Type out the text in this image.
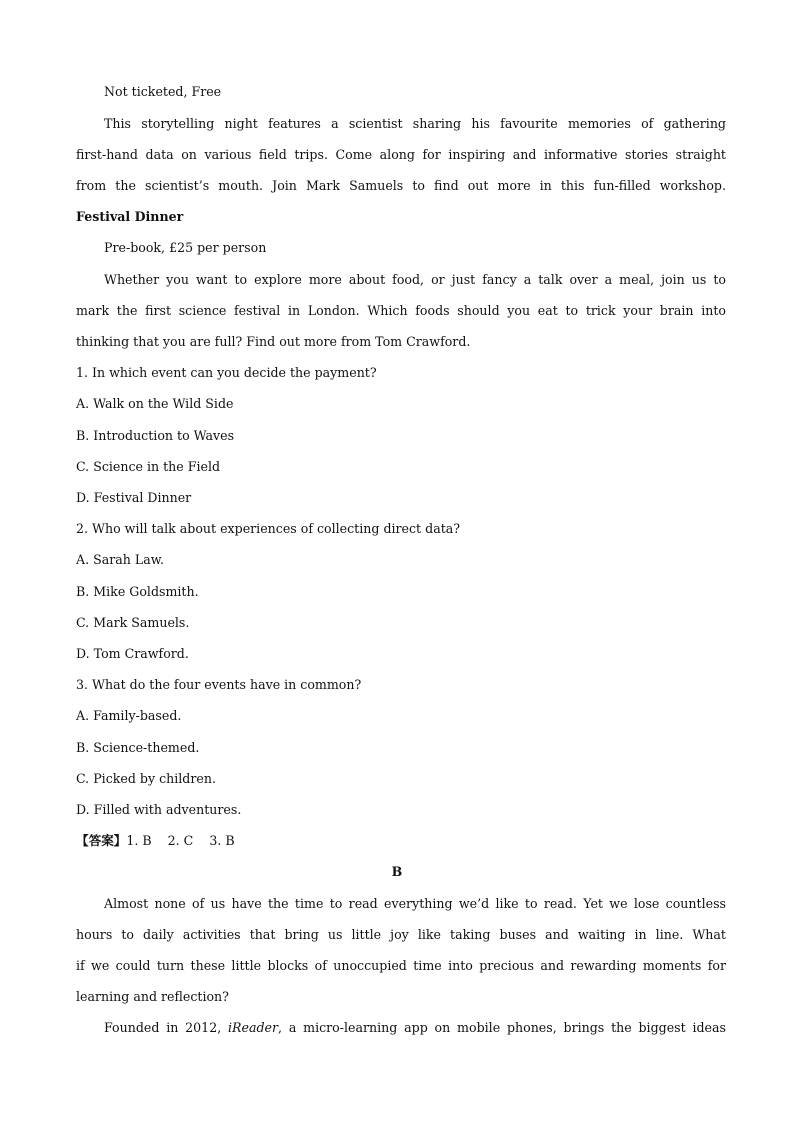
Not ticketed, Free
This storytelling night features a scientist sharing his favourite memories of gathering
first-hand data on various field trips. Come along for inspiring and informative stories straight
from the scientist’s mouth. Join Mark Samuels to find out more in this fun-filled workshop.
Festival Dinner
Pre-book, £25 per person
Whether you want to explore more about food, or just fancy a talk over a meal, join us to
mark the first science festival in London. Which foods should you eat to trick your brain into
thinking that you are full? Find out more from Tom Crawford.
1. In which event can you decide the payment?
A. Walk on the Wild Side
B. Introduction to Waves
C. Science in the Field
D. Festival Dinner
2. Who will talk about experiences of collecting direct data?
A. Sarah Law.
B. Mike Goldsmith.
C. Mark Samuels.
D. Tom Crawford.
3. What do the four events have in common?
A. Family-based.
B. Science-themed.
C. Picked by children.
D. Filled with adventures.
【答案】1. B    2. C    3. B
B
Almost none of us have the time to read everything we’d like to read. Yet we lose countless
hours to daily activities that bring us little joy like taking buses and waiting in line. What
if we could turn these little blocks of unoccupied time into precious and rewarding moments for
learning and reflection?
Founded in 2012, iReader, a micro-learning app on mobile phones, brings the biggest ideas
